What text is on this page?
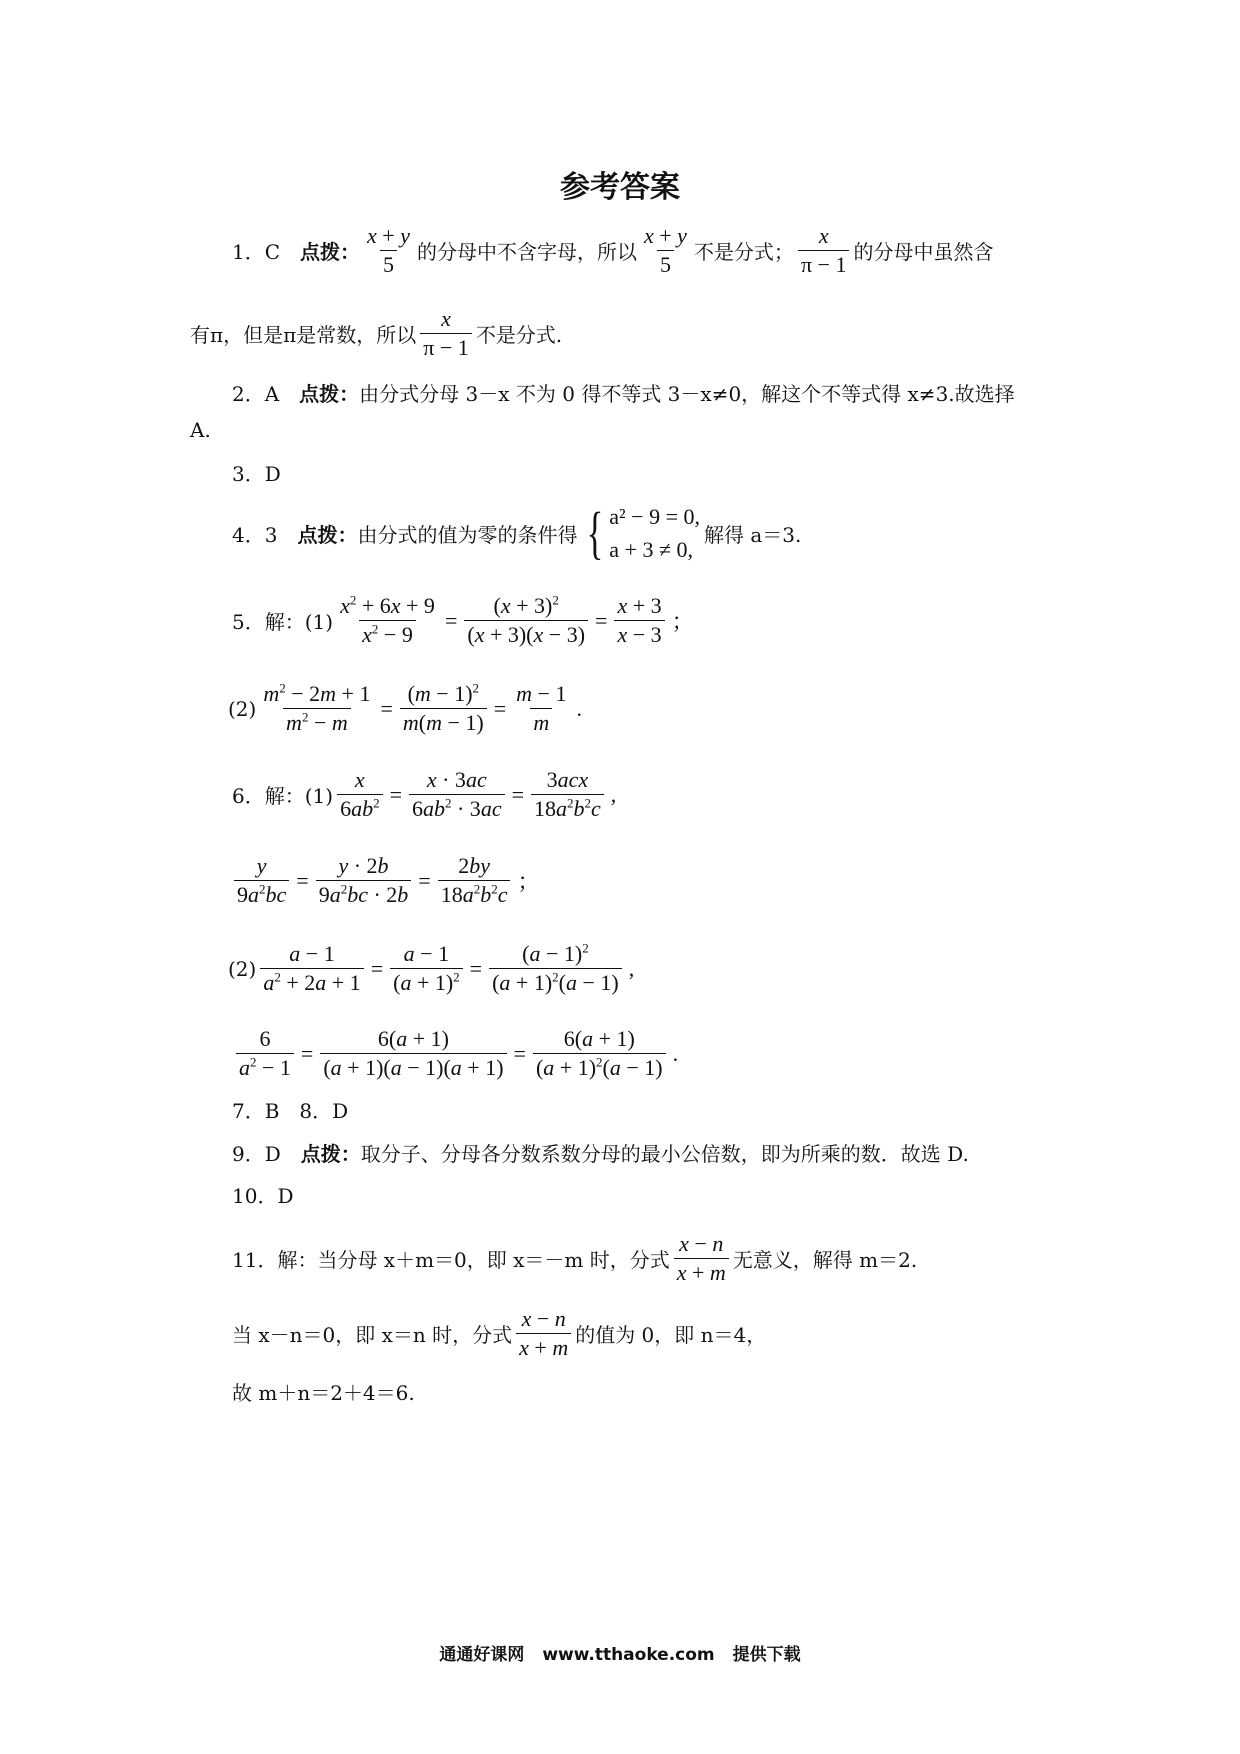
参考答案
1．C 点拨： $\frac{x + y}{5}$ 的分母中不含字母，所以 $\frac{x + y}{5}$ 不是分式； $\frac{x}{\pi - 1}$ 的分母中虽然含
有π，但是π是常数，所以 $\frac{x}{\pi - 1}$ 不是分式.
2．A 点拨： 由分式分母 3－x 不为 0 得不等式 3－x≠0，解这个不等式得 x≠3.故选择
A.
3．D
4．3 点拨： 由分式的值为零的条件得 { a² − 9 = 0,
a + 3 ≠ 0,
解得 a＝3.
5．解：$(1) \frac{x^2 + 6x + 9}{x^2 - 9} = \frac{(x + 3)^2}{(x + 3)(x - 3)} = \frac{x + 3}{x - 3}$ ；
$(2) \frac{m^2 - 2m + 1}{m^2 - m} = \frac{(m - 1)^2}{m(m - 1)} = \frac{m - 1}{m}$ .
6．解：$(1) \frac{x}{6ab^2} = \frac{x \cdot 3ac}{6ab^2 \cdot 3ac} = \frac{\text{3acx}}{18a^2b^2c}$ ,
$\frac{y}{9a^2bc} = \frac{y \cdot 2b}{9a^2bc \cdot 2b} = \frac{2by}{18a^2b^2c}$ ；
$(2) \frac{a - 1}{a^2 + 2a + 1} = \frac{a - 1}{(a + 1)^2} = \frac{(a - 1)^2}{(a + 1)^2(a - 1)}$ ,
$\frac{6}{a^2 - 1} = \frac{6(a + 1)}{(a + 1)(a - 1)(a + 1)} = \frac{6(a + 1)}{(a + 1)^2(a - 1)}$ .
7．B　8．D
9．D 点拨： 取分子、分母各分数系数分母的最小公倍数，即为所乘的数．故选 D.
10．D
11．解：当分母 x＋m＝0，即 x＝－m 时，分式 $\frac{x - n}{x + m}$ 无意义，解得 m＝2.
当 x－n＝0，即 x＝n 时，分式 $\frac{x - n}{x + m}$ 的值为 0，即 n＝4，
故 m＋n＝2＋4＝6.
通通好课网 www.tthaoke.com 提供下载
